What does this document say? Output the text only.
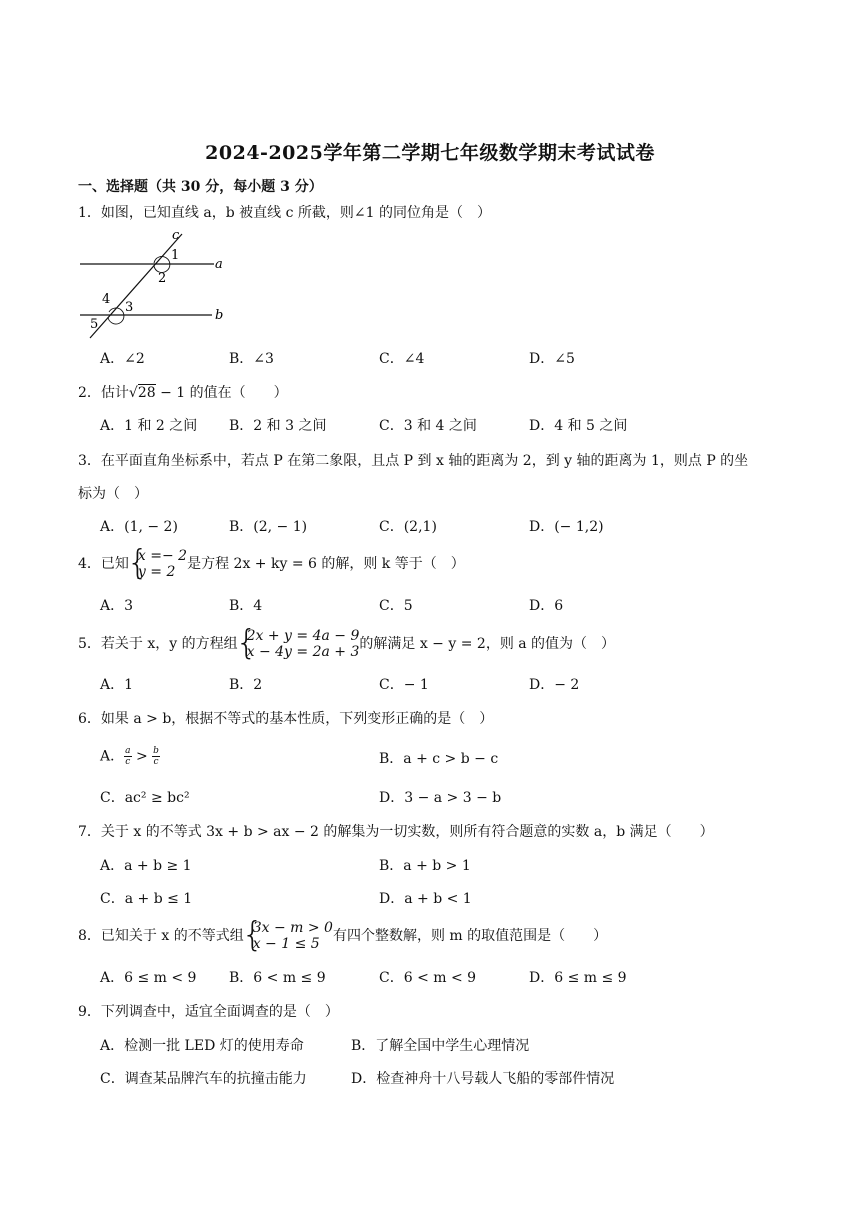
2024-2025学年第二学期七年级数学期末考试试卷
一、选择题（共 30 分，每小题 3 分）
1．如图，已知直线 a，b 被直线 c 所截，则∠1 的同位角是（　）
c
a
b
1
2
3
4
5
A．∠2	B．∠3	C．∠4	D．∠5
2．估计√28 − 1 的值在（　　）
A．1 和 2 之间 B．2 和 3 之间	C．3 和 4 之间	D．4 和 5 之间
3．在平面直角坐标系中，若点 P 在第二象限，且点 P 到 x 轴的距离为 2，到 y 轴的距离为 1，则点 P 的坐
标为（　）
A．(1, − 2)	B．(2, − 1)	C．(2,1)	D．(− 1,2)
4．已知 { x =− 2
y = 2 是方程 2x + ky = 6 的解，则 k 等于（　）
A．3	B．4	C．5	D．6
5．若关于 x，y 的方程组 { 2x + y = 4a − 9
x − 4y = 2a + 3 的解满足 x − y = 2，则 a 的值为（　）
A．1	B．2	C．− 1	D．− 2
6．如果 a > b，根据不等式的基本性质，下列变形正确的是（　）
A． $\frac{a}{c} > \frac{b}{c}$	B．a + c > b − c
C．ac² ≥ bc²	D．3 − a > 3 − b
7．关于 x 的不等式 3x + b > ax − 2 的解集为一切实数，则所有符合题意的实数 a，b 满足（　　）
A．a + b ≥ 1	B．a + b > 1
C．a + b ≤ 1	D．a + b < 1
8．已知关于 x 的不等式组 { 3x − m > 0
x − 1 ≤ 5 有四个整数解，则 m 的取值范围是（　　）
A．6 ≤ m < 9 B．6 < m ≤ 9	C．6 < m < 9	D．6 ≤ m ≤ 9
9．下列调查中，适宜全面调查的是（　）
A．检测一批 LED 灯的使用寿命	B．了解全国中学生心理情况
C．调查某品牌汽车的抗撞击能力	D．检查神舟十八号载人飞船的零部件情况
